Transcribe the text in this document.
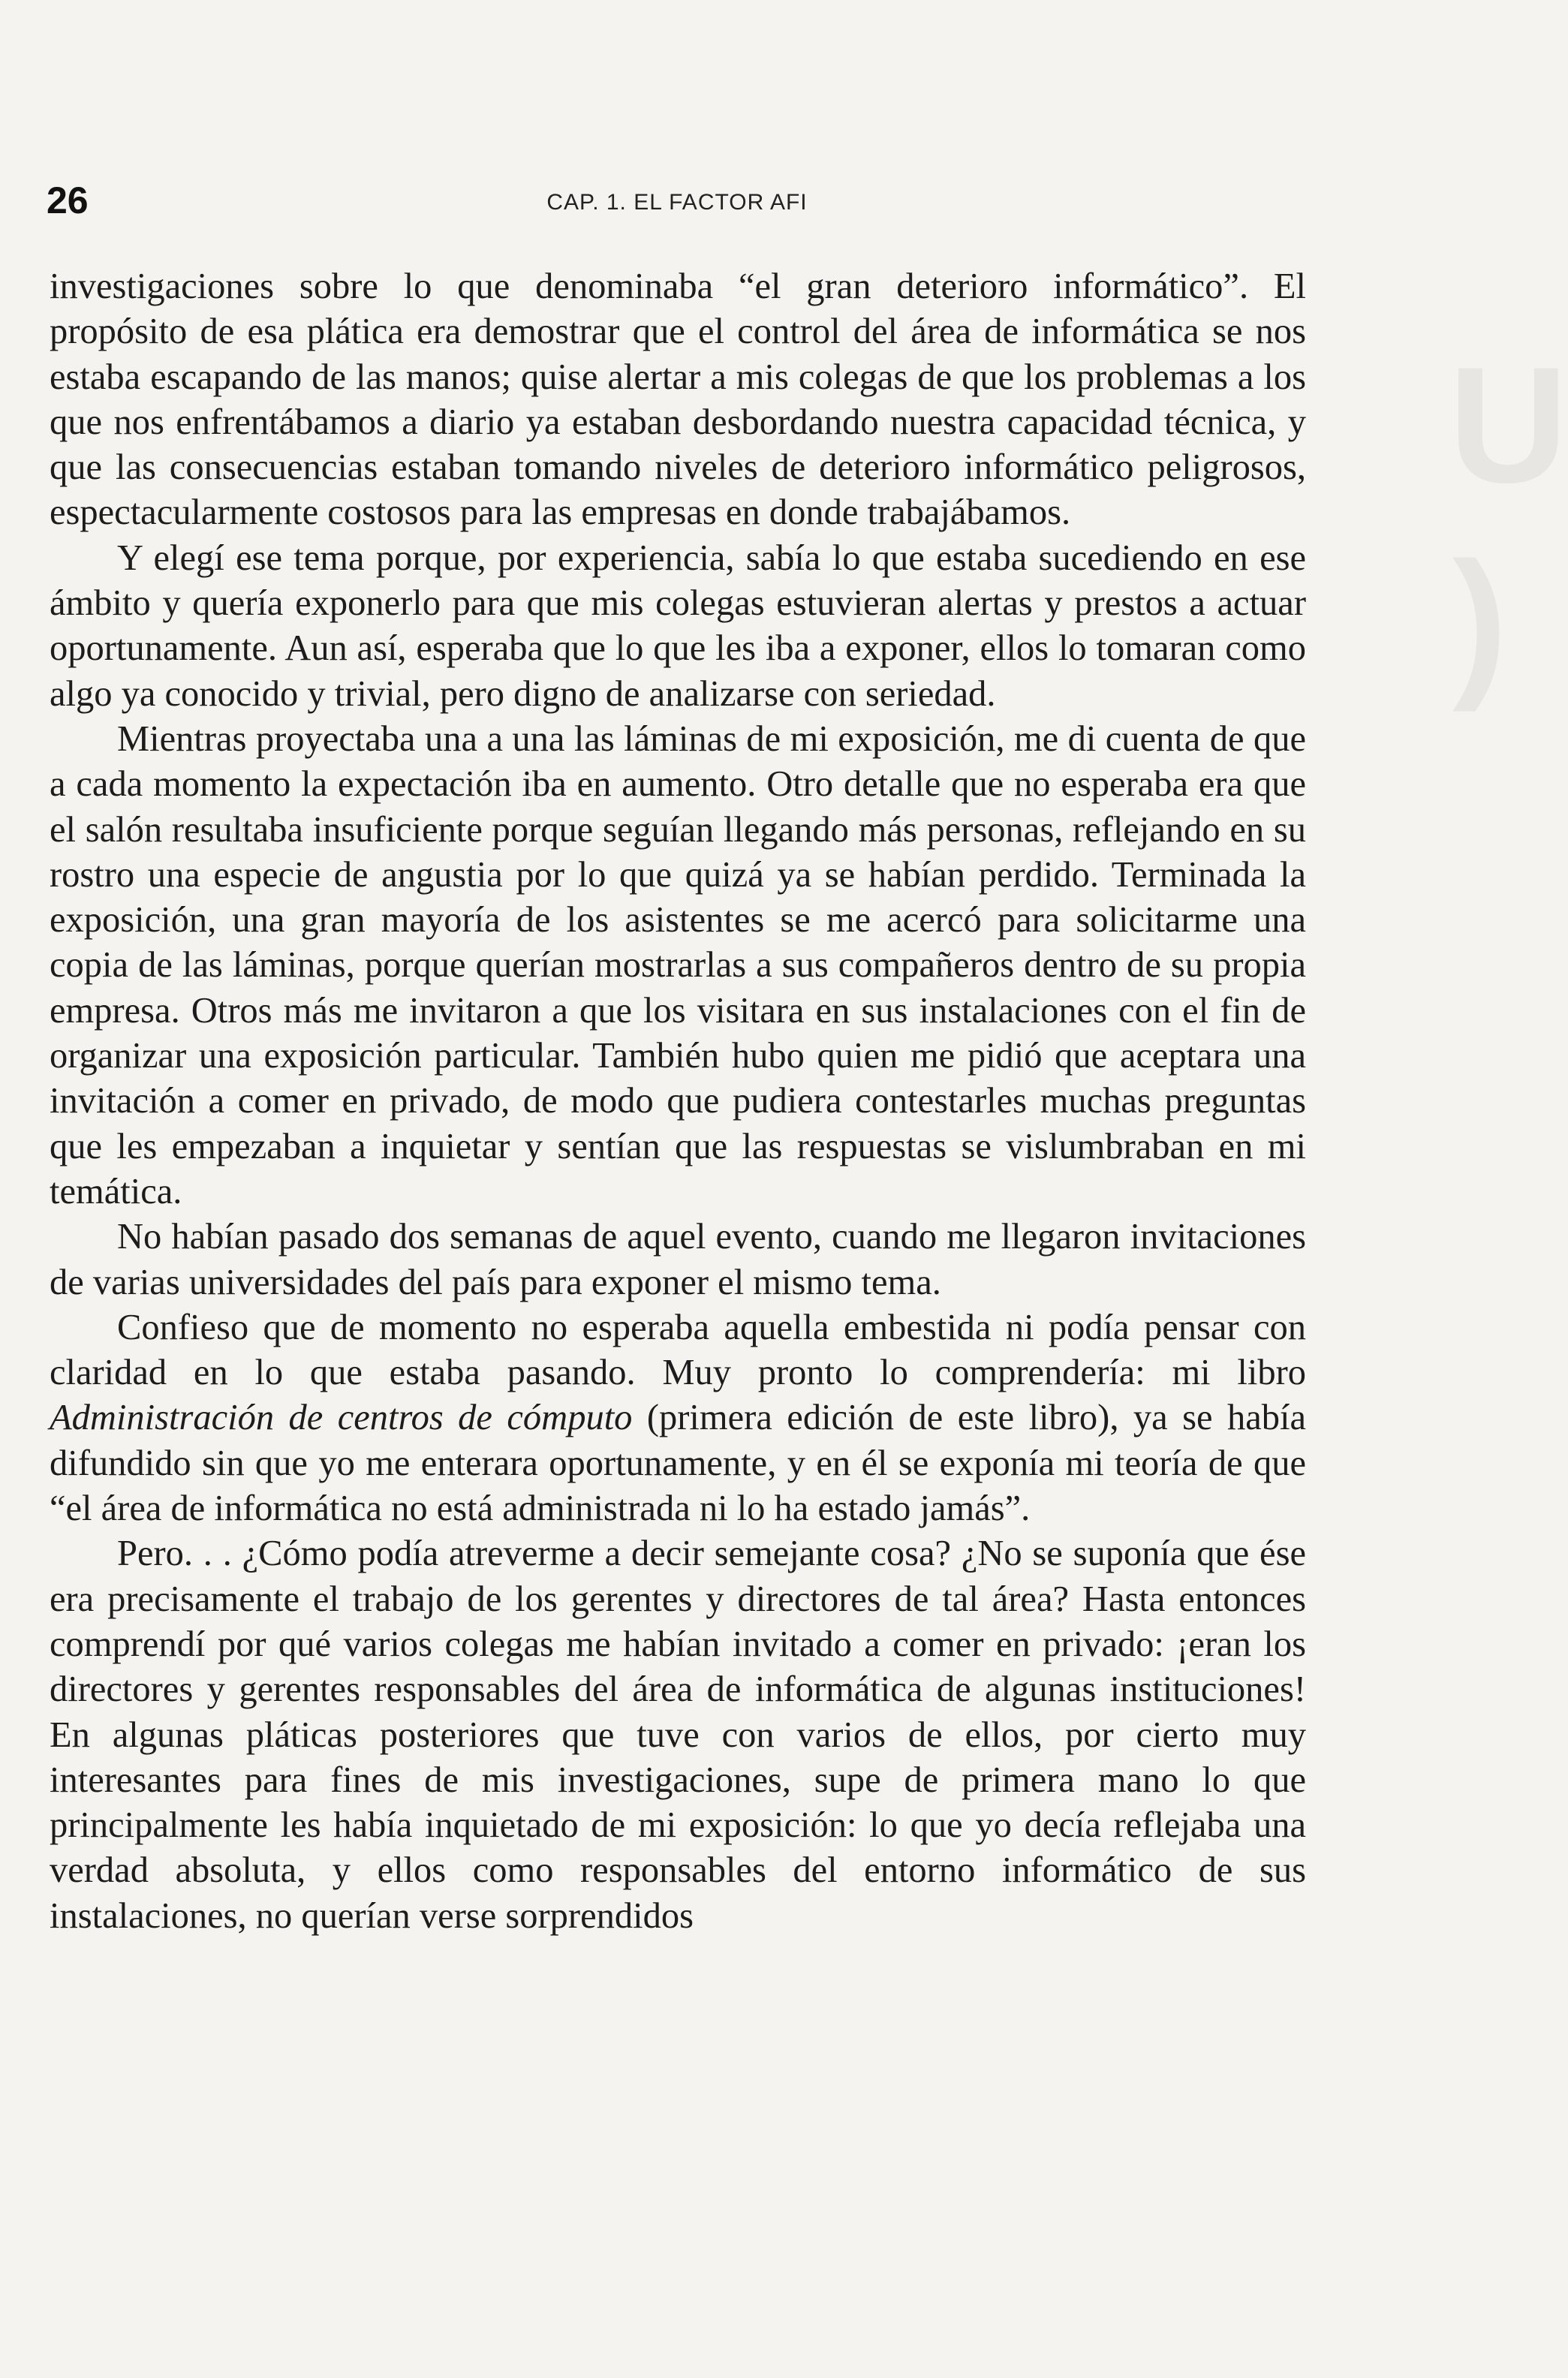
U
)
26	CAP. 1. EL FACTOR AFI

investigaciones sobre lo que denominaba “el gran deterioro informático”. El propósito de esa plática era demostrar que el control del área de informática se nos estaba escapando de las manos; quise alertar a mis colegas de que los problemas a los que nos enfrentábamos a diario ya estaban desbordando nuestra capacidad técnica, y que las consecuencias estaban tomando niveles de deterioro informático peligrosos, espectacularmente costosos para las empresas en donde trabajábamos.

Y elegí ese tema porque, por experiencia, sabía lo que estaba sucediendo en ese ámbito y quería exponerlo para que mis colegas estuvieran alertas y prestos a actuar oportunamente. Aun así, esperaba que lo que les iba a exponer, ellos lo tomaran como algo ya conocido y trivial, pero digno de analizarse con seriedad.

Mientras proyectaba una a una las láminas de mi exposición, me di cuenta de que a cada momento la expectación iba en aumento. Otro detalle que no esperaba era que el salón resultaba insuficiente porque seguían llegando más personas, reflejando en su rostro una especie de angustia por lo que quizá ya se habían perdido. Terminada la exposición, una gran mayoría de los asistentes se me acercó para solicitarme una copia de las láminas, porque querían mostrarlas a sus compañeros dentro de su propia empresa. Otros más me invitaron a que los visitara en sus instalaciones con el fin de organizar una exposición particular. También hubo quien me pidió que aceptara una invitación a comer en privado, de modo que pudiera contestarles muchas preguntas que les empezaban a inquietar y sentían que las respuestas se vislumbraban en mi temática.

No habían pasado dos semanas de aquel evento, cuando me llegaron invitaciones de varias universidades del país para exponer el mismo tema.

Confieso que de momento no esperaba aquella embestida ni podía pensar con claridad en lo que estaba pasando. Muy pronto lo comprendería: mi libro Administración de centros de cómputo (primera edición de este libro), ya se había difundido sin que yo me enterara oportunamente, y en él se exponía mi teoría de que “el área de informática no está administrada ni lo ha estado jamás”.

Pero. . . ¿Cómo podía atreverme a decir semejante cosa? ¿No se suponía que ése era precisamente el trabajo de los gerentes y directores de tal área? Hasta entonces comprendí por qué varios colegas me habían invitado a comer en privado: ¡eran los directores y gerentes responsables del área de informática de algunas instituciones! En algunas pláticas posteriores que tuve con varios de ellos, por cierto muy interesantes para fines de mis investigaciones, supe de primera mano lo que principalmente les había inquietado de mi exposición: lo que yo decía reflejaba una verdad absoluta, y ellos como responsables del entorno informático de sus instalaciones, no querían verse sorprendidos
